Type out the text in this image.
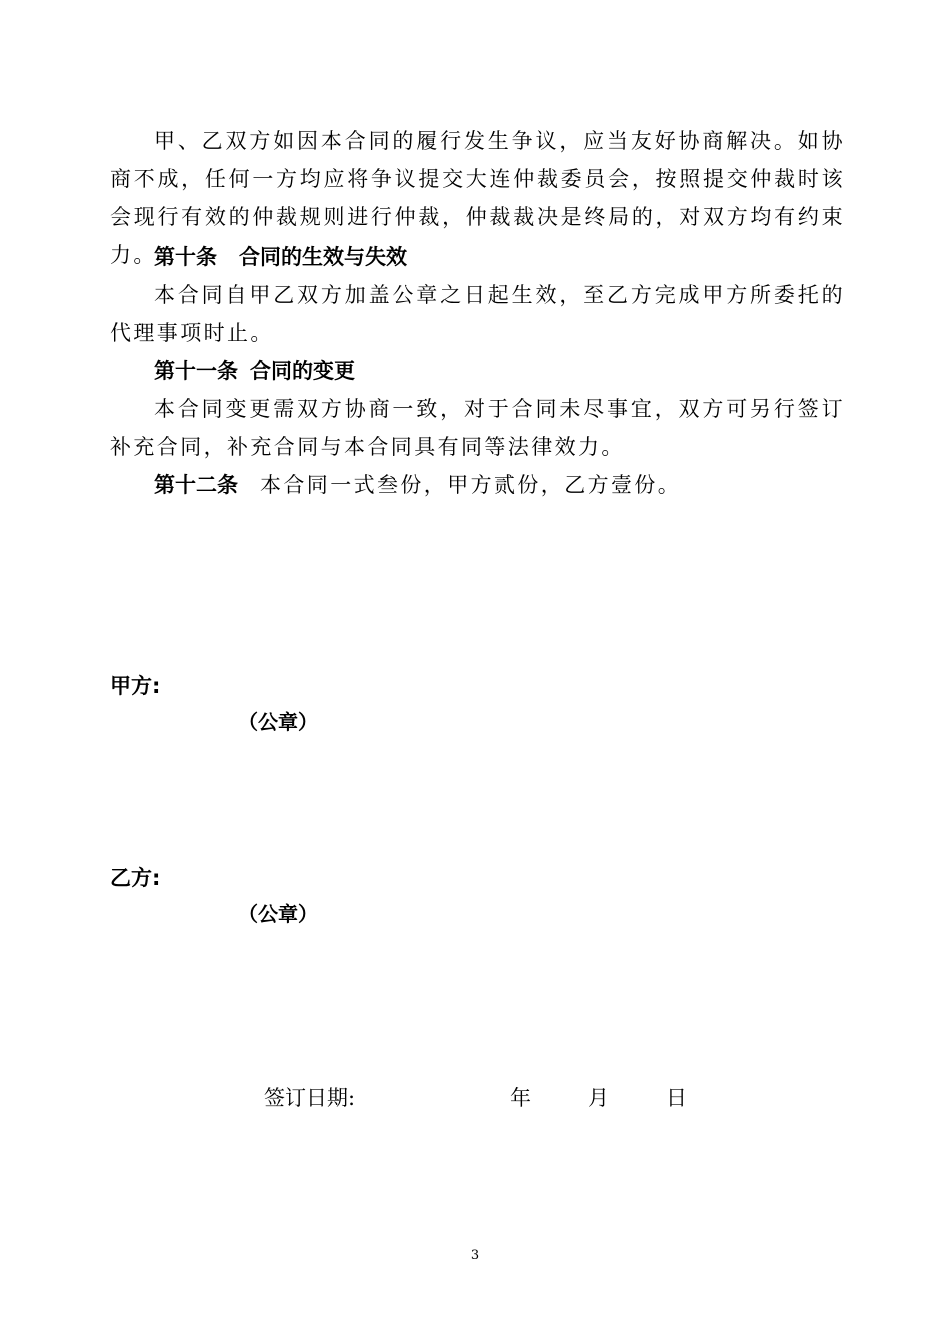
甲、乙双方如因本合同的履行发生争议，应当友好协商解决。如协商不成，任何一方均应将争议提交大连仲裁委员会，按照提交仲裁时该会现行有效的仲裁规则进行仲裁，仲裁裁决是终局的，对双方均有约束力。

第十条 合同的生效与失效

本合同自甲乙双方加盖公章之日起生效，至乙方完成甲方所委托的代理事项时止。

第十一条 合同的变更

本合同变更需双方协商一致，对于合同未尽事宜，双方可另行签订补充合同，补充合同与本合同具有同等法律效力。

第十二条 本合同一式叁份，甲方贰份，乙方壹份。

甲方:

（公章）

乙方:

（公章）

签订日期:	年	月	日
3
